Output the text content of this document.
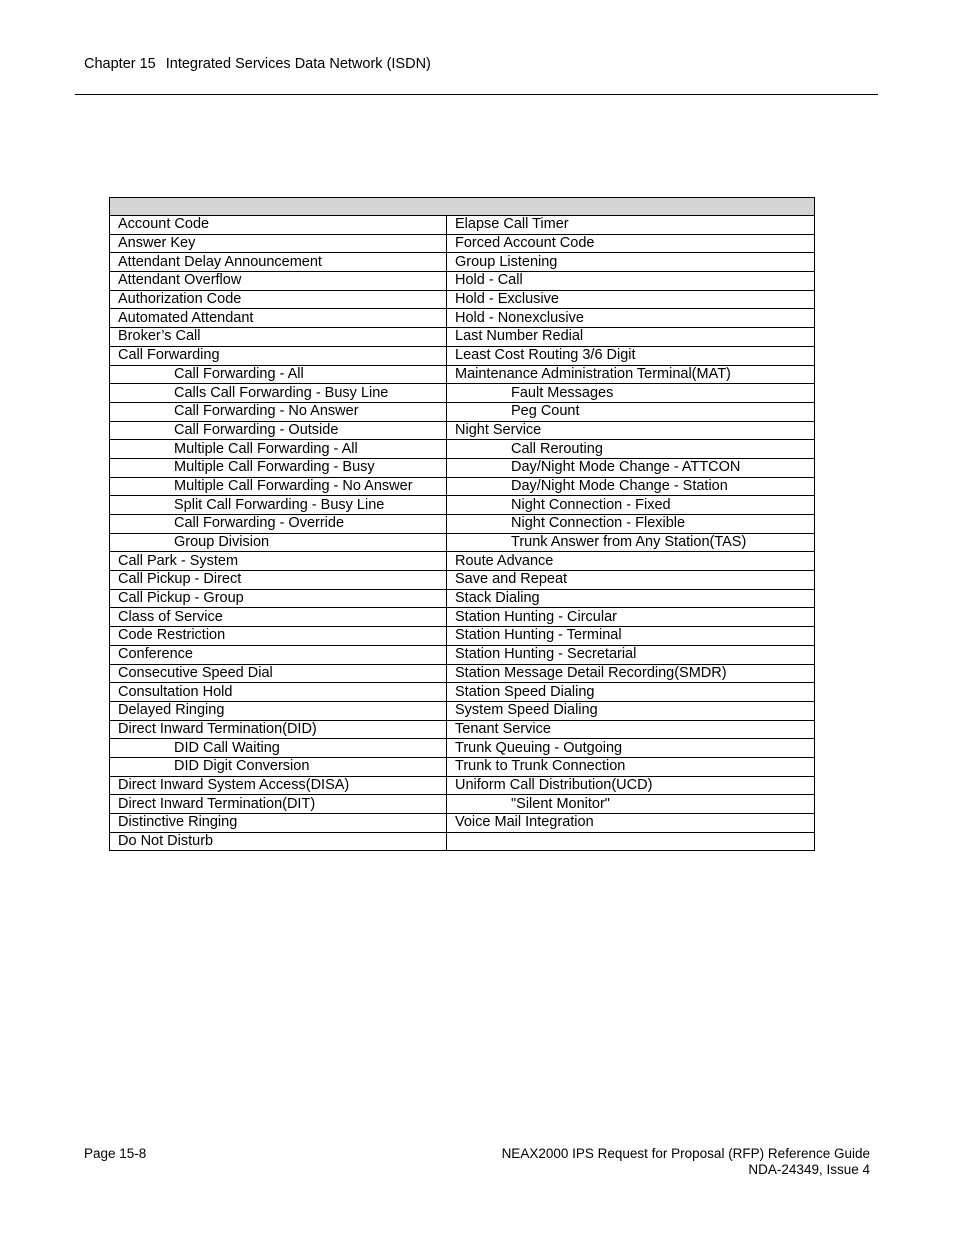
Chapter 15 Integrated Services Data Network (ISDN)

Account Code	Elapse Call Timer
Answer Key	Forced Account Code
Attendant Delay Announcement	Group Listening
Attendant Overflow	Hold - Call
Authorization Code	Hold - Exclusive
Automated Attendant	Hold - Nonexclusive
Broker’s Call	Last Number Redial
Call Forwarding	Least Cost Routing 3/6 Digit
Call Forwarding - All	Maintenance Administration Terminal(MAT)
Calls Call Forwarding - Busy Line	Fault Messages
Call Forwarding - No Answer	Peg Count
Call Forwarding - Outside	Night Service
Multiple Call Forwarding - All	Call Rerouting
Multiple Call Forwarding - Busy	Day/Night Mode Change - ATTCON
Multiple Call Forwarding - No Answer	Day/Night Mode Change - Station
Split Call Forwarding - Busy Line	Night Connection - Fixed
Call Forwarding - Override	Night Connection - Flexible
Group Division	Trunk Answer from Any Station(TAS)
Call Park - System	Route Advance
Call Pickup - Direct	Save and Repeat
Call Pickup - Group	Stack Dialing
Class of Service	Station Hunting - Circular
Code Restriction	Station Hunting - Terminal
Conference	Station Hunting - Secretarial
Consecutive Speed Dial	Station Message Detail Recording(SMDR)
Consultation Hold	Station Speed Dialing
Delayed Ringing	System Speed Dialing
Direct Inward Termination(DID)	Tenant Service
DID Call Waiting	Trunk Queuing - Outgoing
DID Digit Conversion	Trunk to Trunk Connection
Direct Inward System Access(DISA)	Uniform Call Distribution(UCD)
Direct Inward Termination(DIT)	"Silent Monitor"
Distinctive Ringing	Voice Mail Integration
Do Not Disturb	
Page 15-8	NEAX2000 IPS Request for Proposal (RFP) Reference Guide
NDA-24349, Issue 4
